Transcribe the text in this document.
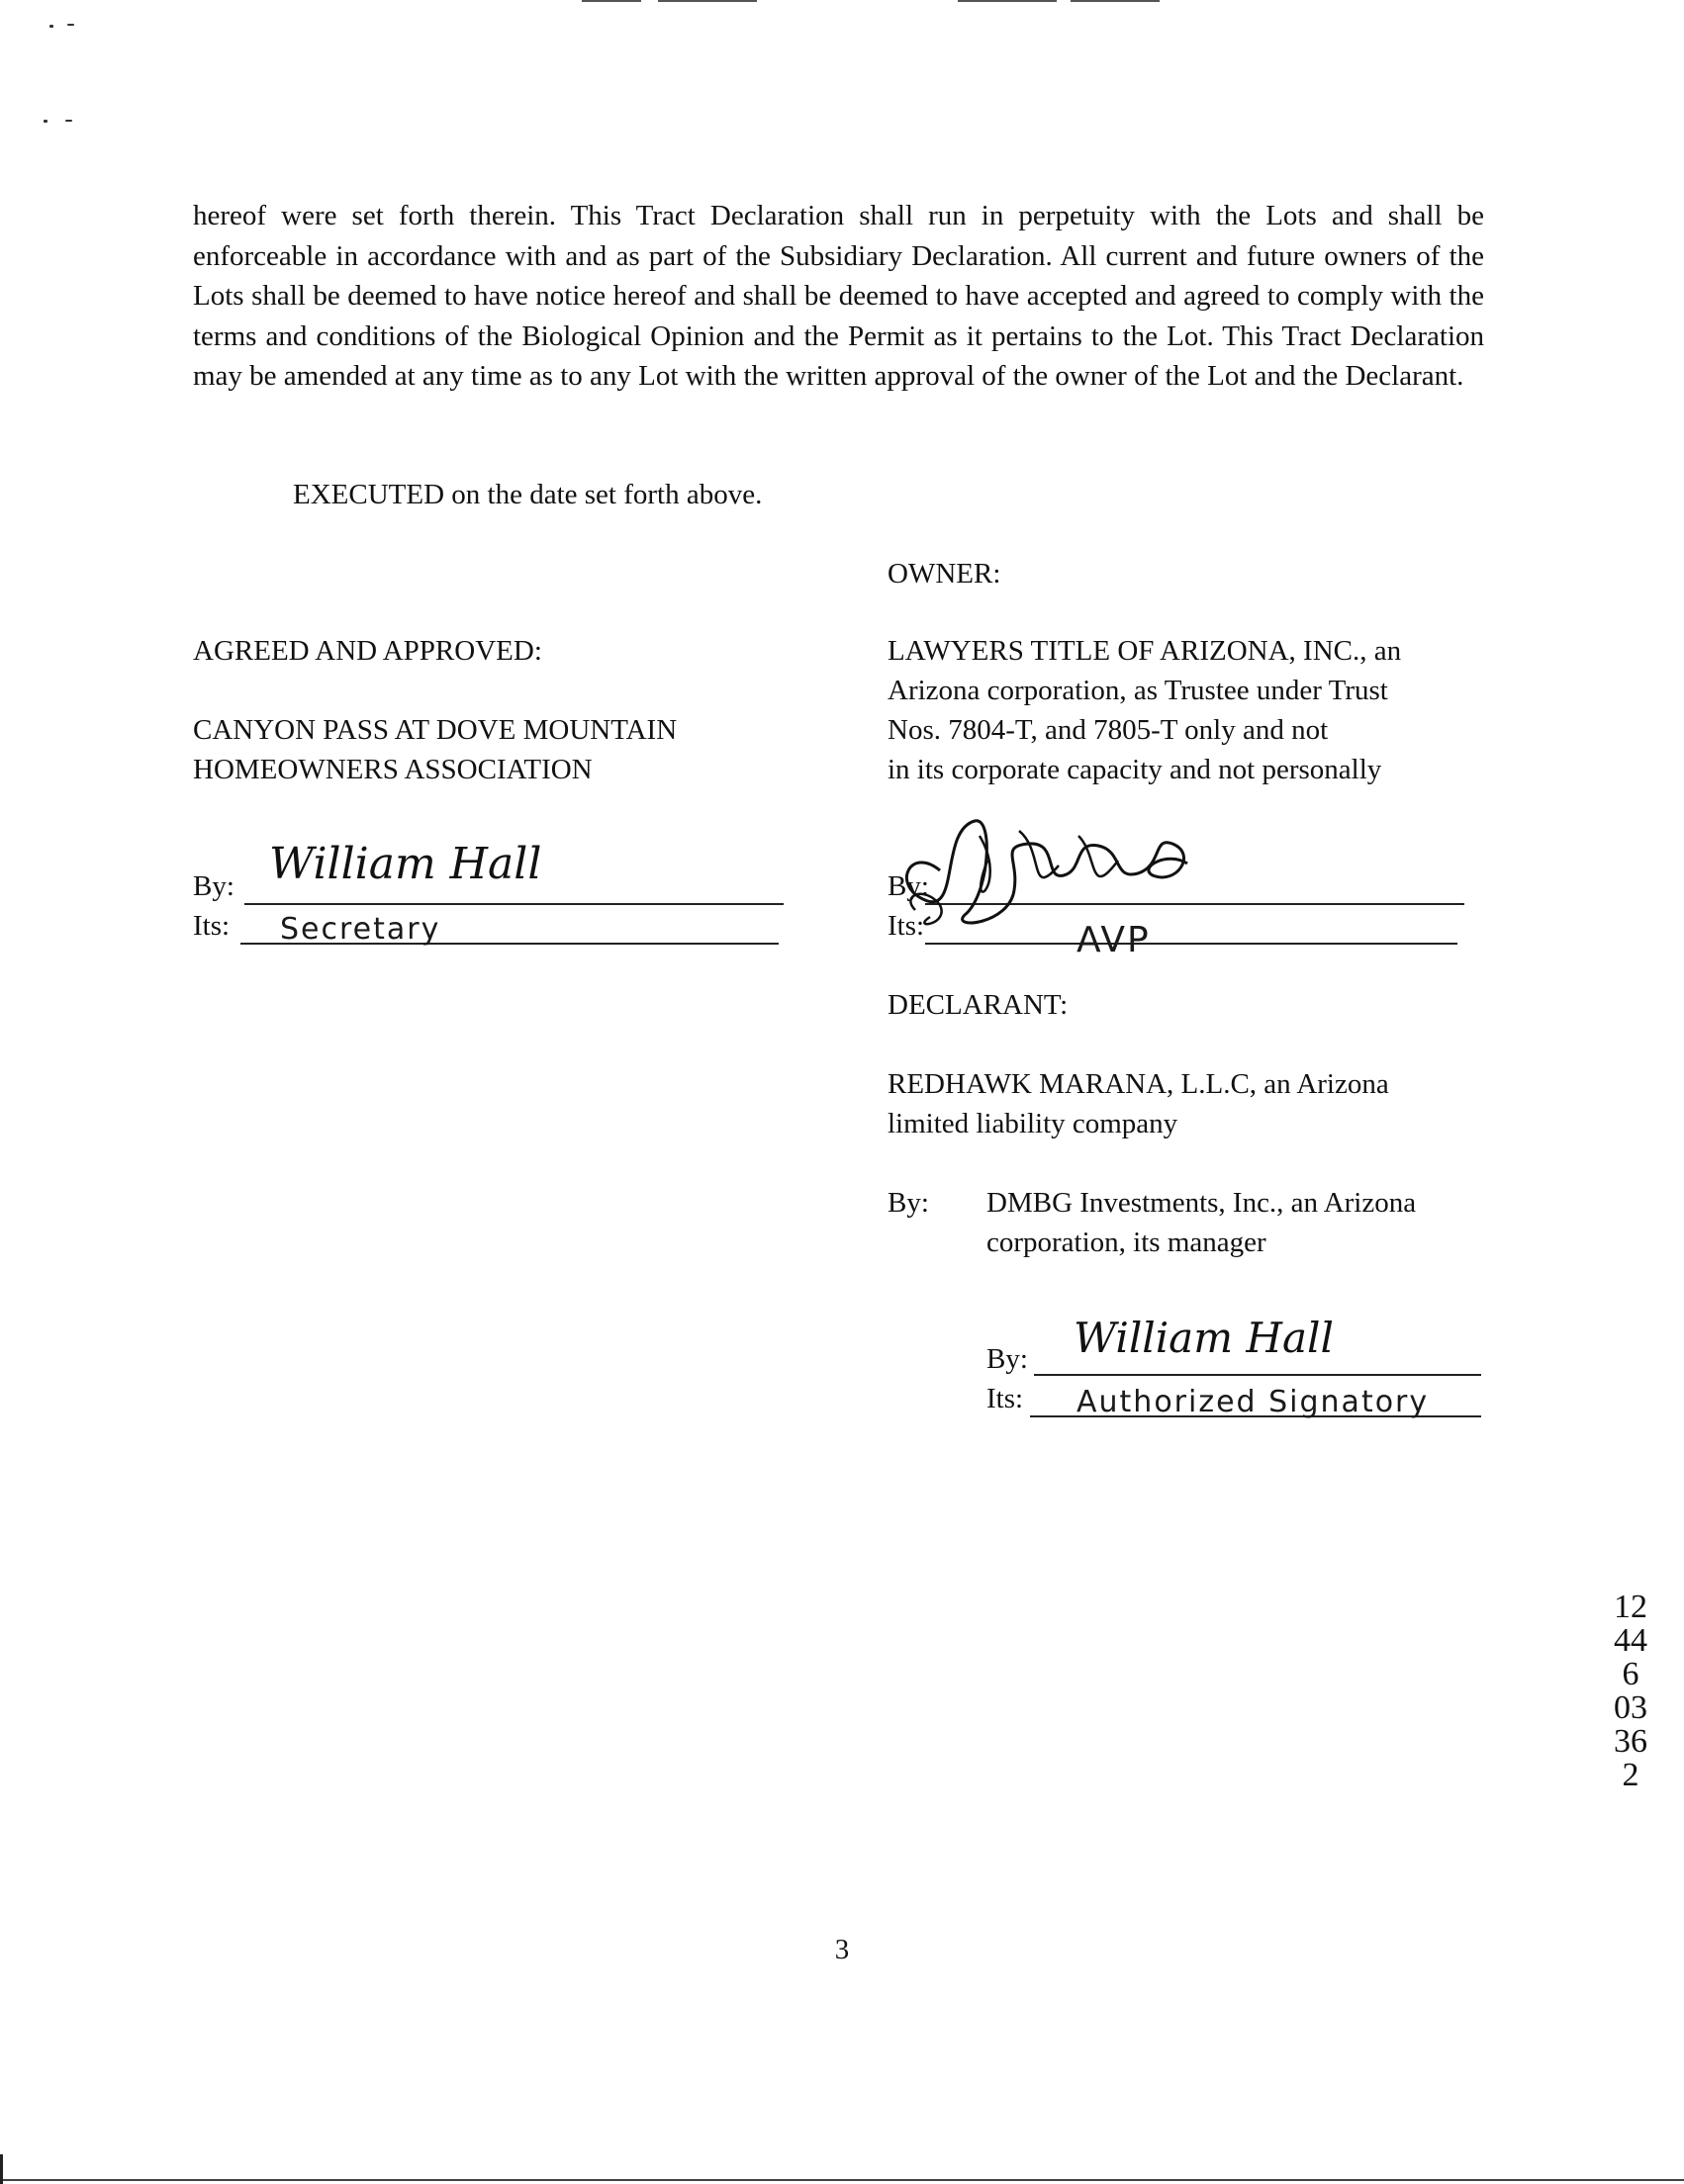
hereof were set forth therein. This Tract Declaration shall run in perpetuity with the Lots and shall be enforceable in accordance with and as part of the Subsidiary Declaration. All current and future owners of the Lots shall be deemed to have notice hereof and shall be deemed to have accepted and agreed to comply with the terms and conditions of the Biological Opinion and the Permit as it pertains to the Lot. This Tract Declaration may be amended at any time as to any Lot with the written approval of the owner of the Lot and the Declarant.

EXECUTED on the date set forth above.
OWNER:
AGREED AND APPROVED:
CANYON PASS AT DOVE MOUNTAIN
HOMEOWNERS ASSOCIATION
LAWYERS TITLE OF ARIZONA, INC., an
Arizona corporation, as Trustee under Trust
Nos. 7804-T, and 7805-T only and not
in its corporate capacity and not personally
By: William Hall
Its: Secretary
By:
Its:	AVP
DECLARANT:
REDHAWK MARANA, L.L.C, an Arizona
limited liability company
By: DMBG Investments, Inc., an Arizona
corporation, its manager
By: William Hall
Its: Authorized Signatory
12446 03362
3
